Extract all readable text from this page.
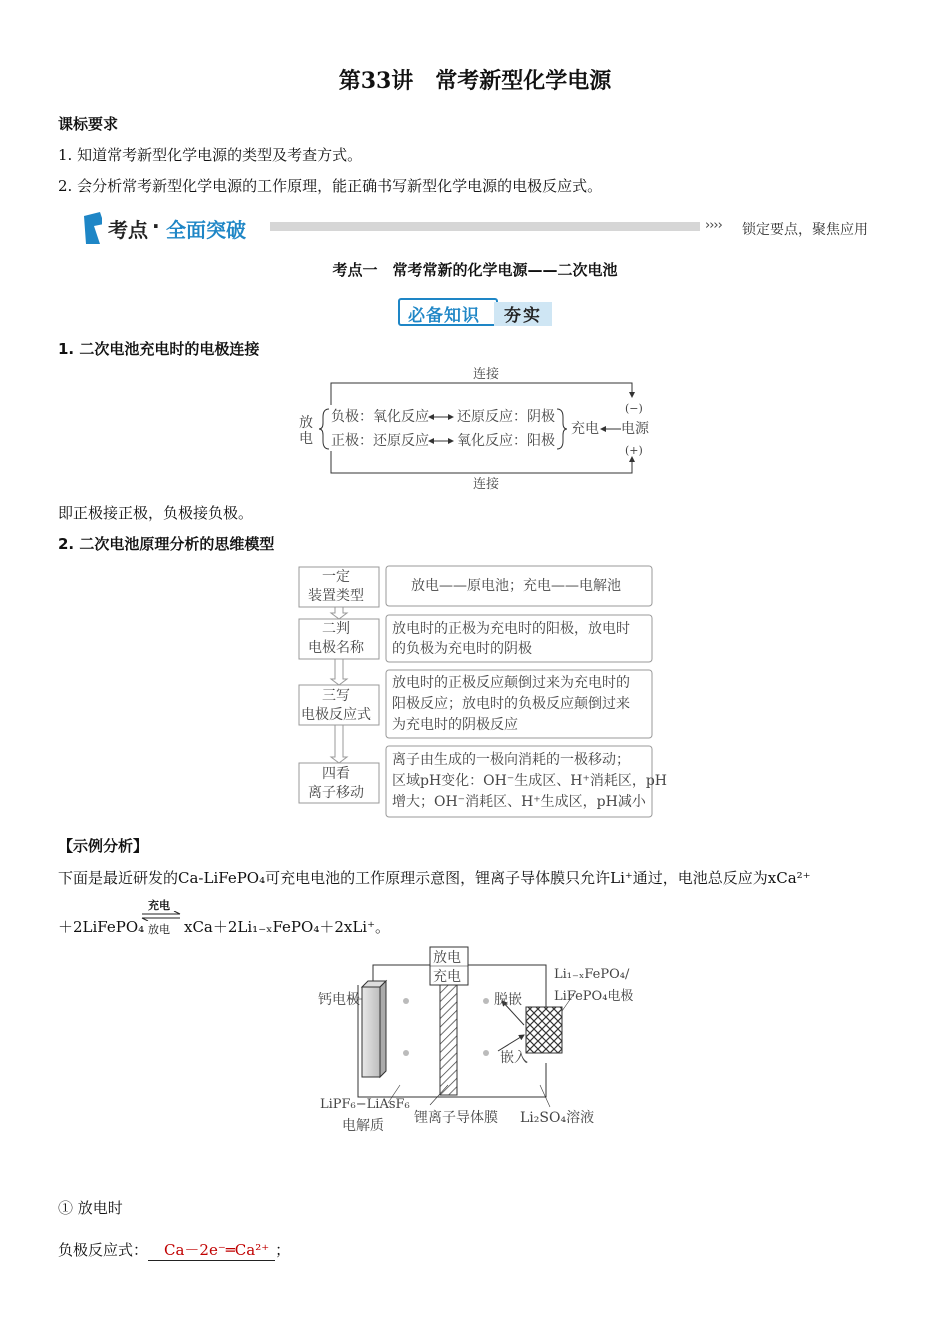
第33讲　常考新型化学电源
课标要求
1. 知道常考新型化学电源的类型及考查方式。
2. 会分析常考新型化学电源的工作原理，能正确书写新型化学电源的电极反应式。
考点 · 全面突破	›››› 锁定要点，聚焦应用
考点一　常考常新的化学电源——二次电池
必备知识 夯实
1. 二次电池充电时的电极连接
连接
连接
放
电
负极：氧化反应 还原反应：阴极
正极：还原反应 氧化反应：阳极
充电 电源
(−)
(+)
即正极接正极，负极接负极。
2. 二次电池原理分析的思维模型
一定
装置类型
放电——原电池；充电——电解池
二判
电极名称
放电时的正极为充电时的阳极，放电时
的负极为充电时的阴极
三写
电极反应式
放电时的正极反应颠倒过来为充电时的
阳极反应；放电时的负极反应颠倒过来
为充电时的阴极反应
四看
离子移动
离子由生成的一极向消耗的一极移动；
区域pH变化：OH⁻生成区、H⁺消耗区，pH
增大；OH⁻消耗区、H⁺生成区，pH减小
【示例分析】
下面是最近研发的Ca-LiFePO₄可充电电池的工作原理示意图，锂离子导体膜只允许Li⁺通过，电池总反应为xCa²⁺
＋2LiFePO₄
充电
放电 xCa＋2Li₁₋ₓFePO₄＋2xLi⁺。
放电
充电
钙电极
Li₁₋ₓFePO₄/
LiFePO₄电极
脱嵌
嵌入
LiPF₆−LiAsF₆
电解质 锂离子导体膜 Li₂SO₄溶液
① 放电时
负极反应式： Ca－2e⁻═Ca²⁺ ；
